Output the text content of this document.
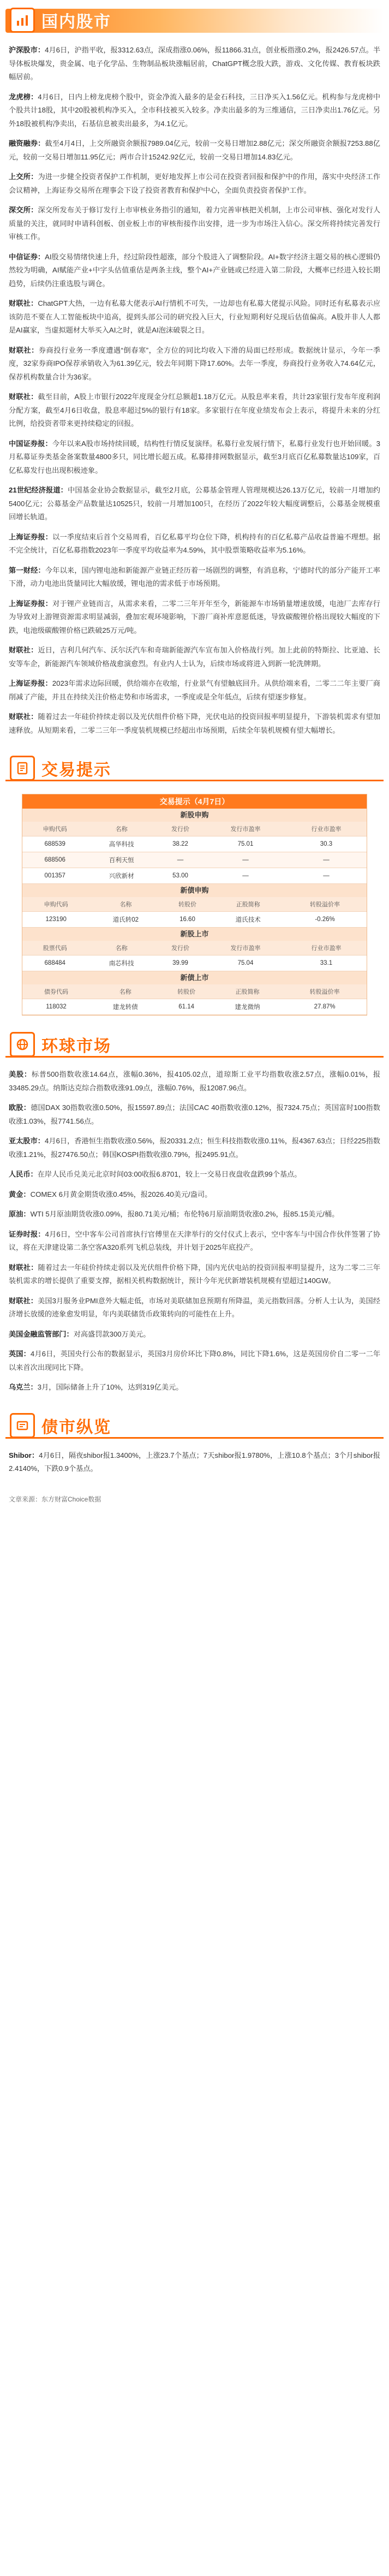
国内股市

沪深股市：4月6日，沪指平收，报3312.63点，深成指涨0.06%，报11866.31点，创业板指涨0.2%，报2426.57点。半导体板块爆发，贵金属、电子化学品、生物制品板块涨幅居前，ChatGPT概念股大跌，游戏、文化传媒、教育板块跌幅居前。

龙虎榜：4月6日，日内上榜龙虎榜个股中，资金净流入最多的是金石科技，三日净买入1.56亿元。机构参与龙虎榜中个股共计18股，其中20股被机构净买入，全市科技被买入较多。净卖出最多的为三维通信，三日净卖出1.76亿元。另外18股被机构净卖出，石基信息被卖出最多，为4.1亿元。

融资融券：截至4月4日，上交所融资余额报7989.04亿元，较前一交易日增加2.88亿元；深交所融资余额报7253.88亿元，较前一交易日增加11.95亿元；两市合计15242.92亿元，较前一交易日增加14.83亿元。

上交所：为进一步健全投资者保护工作机制，更好地发挥上市公司在投资者回报和保护中的作用，落实中央经济工作会议精神，上海证券交易所在理事会下设了投资者教育和保护中心，全面负责投资者保护工作。

深交所：深交所发布关于修订发行上市审核业务指引的通知，着力完善审核把关机制，上市公司审核、强化对发行人质量的关注，就同时申请科创板、创业板上市的审核衔接作出安排，进一步为市场注入信心。深交所将持续完善发行审核工作。

中信证券：AI股交易情绪快速上升，经过阶段性超涨，部分个股进入了调整阶段。AI+数字经济主题交易的核心逻辑仍然较为明确，AI赋能产业+中字头估值重估是两条主线，整个AI+产业链或已经进入第二阶段，大概率已经进入较长期趋势，后续仍注重选股与调仓。

财联社：ChatGPT大热，一边有私募大佬表示AI行情机不可失，一边却也有私募大佬提示风险。同时还有私募表示应该防范不要在人工智能板块中追高，提到头部公司的研究投入巨大，行业短期利好兑现后估值偏高。A股并非人人都是AI赢家，当虚拟题材大举买入AI之时，就是AI泡沫破裂之日。

财联社：券商投行业务一季度遭遇“倒春寒”，全方位的同比均收入下滑的局面已经形成。数据统计显示，今年一季度，32家券商IPO保荐承销收入为61.39亿元，较去年同期下降17.60%。去年一季度，券商投行业务收入74.64亿元，保荐机构数量合计为36家。

财联社：截至目前，A股上市银行2022年度现金分红总额超1.18万亿元。从股息率来看，共计23家银行发布年度利润分配方案，截至4月6日收盘，股息率超过5%的银行有18家。多家银行在年度业绩发布会上表示，将提升未来的分红比例，给投资者带来更持续稳定的回报。

中国证券报：今年以来A股市场持续回暖，结构性行情反复演绎。私募行业发展行情下，私募行业发行也开始回暖。3月私募证券类基金备案数量4800多只，同比增长超五成。私募排排网数据显示，截至3月底百亿私募数量达109家，百亿私募发行也出现积极迹象。

21世纪经济报道：中国基金业协会数据显示，截至2月底，公募基金管理人管理规模达26.13万亿元，较前一月增加约5400亿元；公募基金产品数量达10525只，较前一月增加100只，在经历了2022年较大幅度调整后，公募基金规模重回增长轨道。

上海证券报：以一季度结束后首个交易周看，百亿私募平均仓位下降，机构持有的百亿私募产品收益普遍不理想。据不完全统计，百亿私募指数2023年一季度平均收益率为4.59%，其中股票策略收益率为5.16%。

第一财经：今年以来，国内锂电池和新能源产业链正经历着一场剧烈的调整，有消息称，宁德时代的部分产能开工率下滑，动力电池出货量同比大幅放缓，锂电池的需求低于市场预期。

上海证券报：对于锂产业链而言，从需求来看，二零二三年开年至今，新能源车市场销量增速放缓，电池厂去库存行为导致对上游锂资源需求明显减弱，叠加宏观环境影响，下游厂商补库意愿低迷，导致碳酸锂价格出现较大幅度的下跌，电池级碳酸锂价格已跌破25万元/吨。

财联社：近日，吉利几何汽车、沃尔沃汽车和奇瑞新能源汽车宣布加入价格战行列。加上此前的特斯拉、比亚迪、长安等车企，新能源汽车领域价格战愈演愈烈。有业内人士认为，后续市场或将进入到新一轮洗牌期。

上海证券报：2023年需求边际回暖，供给端亦在收缩，行业景气有望触底回升。从供给端来看，二零二二年主要厂商削减了产能，并且在持续关注价格走势和市场需求，一季度或是全年低点，后续有望逐步修复。

财联社：随着过去一年硅价持续走弱以及光伏组件价格下降，光伏电站的投资回报率明显提升，下游装机需求有望加速释放。从短期来看，二零二三年一季度装机规模已经超出市场预期，后续全年装机规模有望大幅增长。

交易提示
交易提示（4月7日）
新股申购
申购代码	名称	发行价	发行市盈率	行业市盈率
688539	高华科技	38.22	75.01	30.3
688506	百利天恒	—	—	—
001357	兴欣新材	53.00	—	—
新债申购
申购代码	名称	转股价	正股简称	转股溢价率
123190	道氏转02	16.60	道氏技术	-0.26%
新股上市
股票代码	名称	发行价	发行市盈率	行业市盈率
688484	南芯科技	39.99	75.04	33.1
新债上市
债券代码	名称	转股价	正股简称	转股溢价率
118032	建龙转债	61.14	建龙微纳	27.87%
环球市场

美股：标普500指数收涨14.64点，涨幅0.36%，报4105.02点，道琼斯工业平均指数收涨2.57点，涨幅0.01%，报33485.29点。纳斯达克综合指数收涨91.09点，涨幅0.76%，报12087.96点。

欧股：德国DAX 30指数收涨0.50%，报15597.89点；法国CAC 40指数收涨0.12%，报7324.75点；英国富时100指数收涨1.03%，报7741.56点。

亚太股市：4月6日，香港恒生指数收涨0.56%，报20331.2点；恒生科技指数收涨0.11%，报4367.63点；日经225指数收涨1.21%，报27476.50点；韩国KOSPI指数收涨0.79%，报2495.91点。

人民币：在岸人民币兑美元北京时间03:00收报6.8701，较上一交易日夜盘收盘跌99个基点。

黄金：COMEX 6月黄金期货收涨0.45%，报2026.40美元/盎司。

原油：WTI 5月原油期货收涨0.09%，报80.71美元/桶；布伦特6月原油期货收涨0.2%，报85.15美元/桶。

证券时报：4月6日，空中客车公司首席执行官傅里在天津举行的交付仪式上表示，空中客车与中国合作伙伴签署了协议，将在天津建设第二条空客A320系列飞机总装线，并计划于2025年底投产。

财联社：随着过去一年硅价持续走弱以及光伏组件价格下降，国内光伏电站的投资回报率明显提升，这为二零二三年装机需求的增长提供了重要支撑，据相关机构数据统计，预计今年光伏新增装机规模有望超过140GW。

财联社：美国3月服务业PMI意外大幅走低，市场对美联储加息预期有所降温，美元指数回落。分析人士认为，美国经济增长放缓的迹象愈发明显，年内美联储货币政策转向的可能性在上升。

美国金融监管部门：对高盛罚款300万美元。

英国：4月6日，英国央行公布的数据显示，英国3月房价环比下降0.8%，同比下降1.6%，这是英国房价自二零一二年以来首次出现同比下降。

乌克兰：3月，国际储备上升了10%，达到319亿美元。

债市纵览

Shibor：4月6日，隔夜shibor报1.3400%，上涨23.7个基点；7天shibor报1.9780%，上涨10.8个基点；3个月shibor报2.4140%，下跌0.9个基点。

文章来源：东方财富Choice数据
